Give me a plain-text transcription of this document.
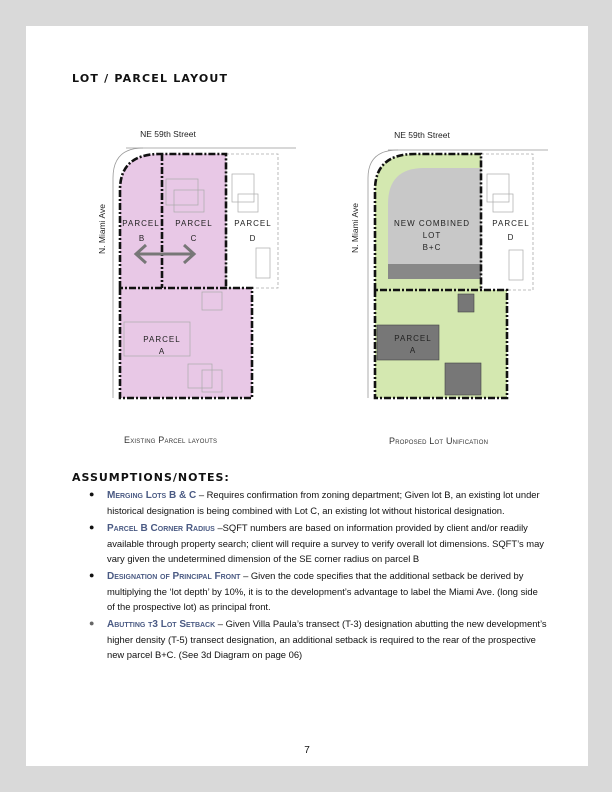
LOT / PARCEL LAYOUT
NE 59th Street
N. Miami Ave PARCEL
B
PARCEL
C
PARCEL
D
PARCEL
A
NE 59th Street
N. Miami Ave	NEW COMBINED
LOT
B+C
PARCEL
D
PARCEL
A
Existing Parcel layouts	Proposed Lot Unification
ASSUMPTIONS/NOTES:
● Merging Lots B & C – Requires confirmation from zoning department; Given lot B, an existing lot under historical designation is being combined with Lot C, an existing lot without historical designation.
● Parcel B Corner Radius –SQFT numbers are based on information provided by client and/or readily available through property search; client will require a survey to verify overall lot dimensions. SQFT’s may vary given the undetermined dimension of the SE corner radius on parcel B
● Designation of Principal Front – Given the code specifies that the additional setback be derived by multiplying the ‘lot depth’ by 10%, it is to the development’s advantage to label the Miami Ave. (long side of the prospective lot) as principal front.
● Abutting t3 Lot Setback – Given Villa Paula’s transect (T-3) designation abutting the new development’s higher density (T-5) transect designation, an additional setback is required to the rear of the prospective new parcel B+C. (See 3d Diagram on page 06)
7
